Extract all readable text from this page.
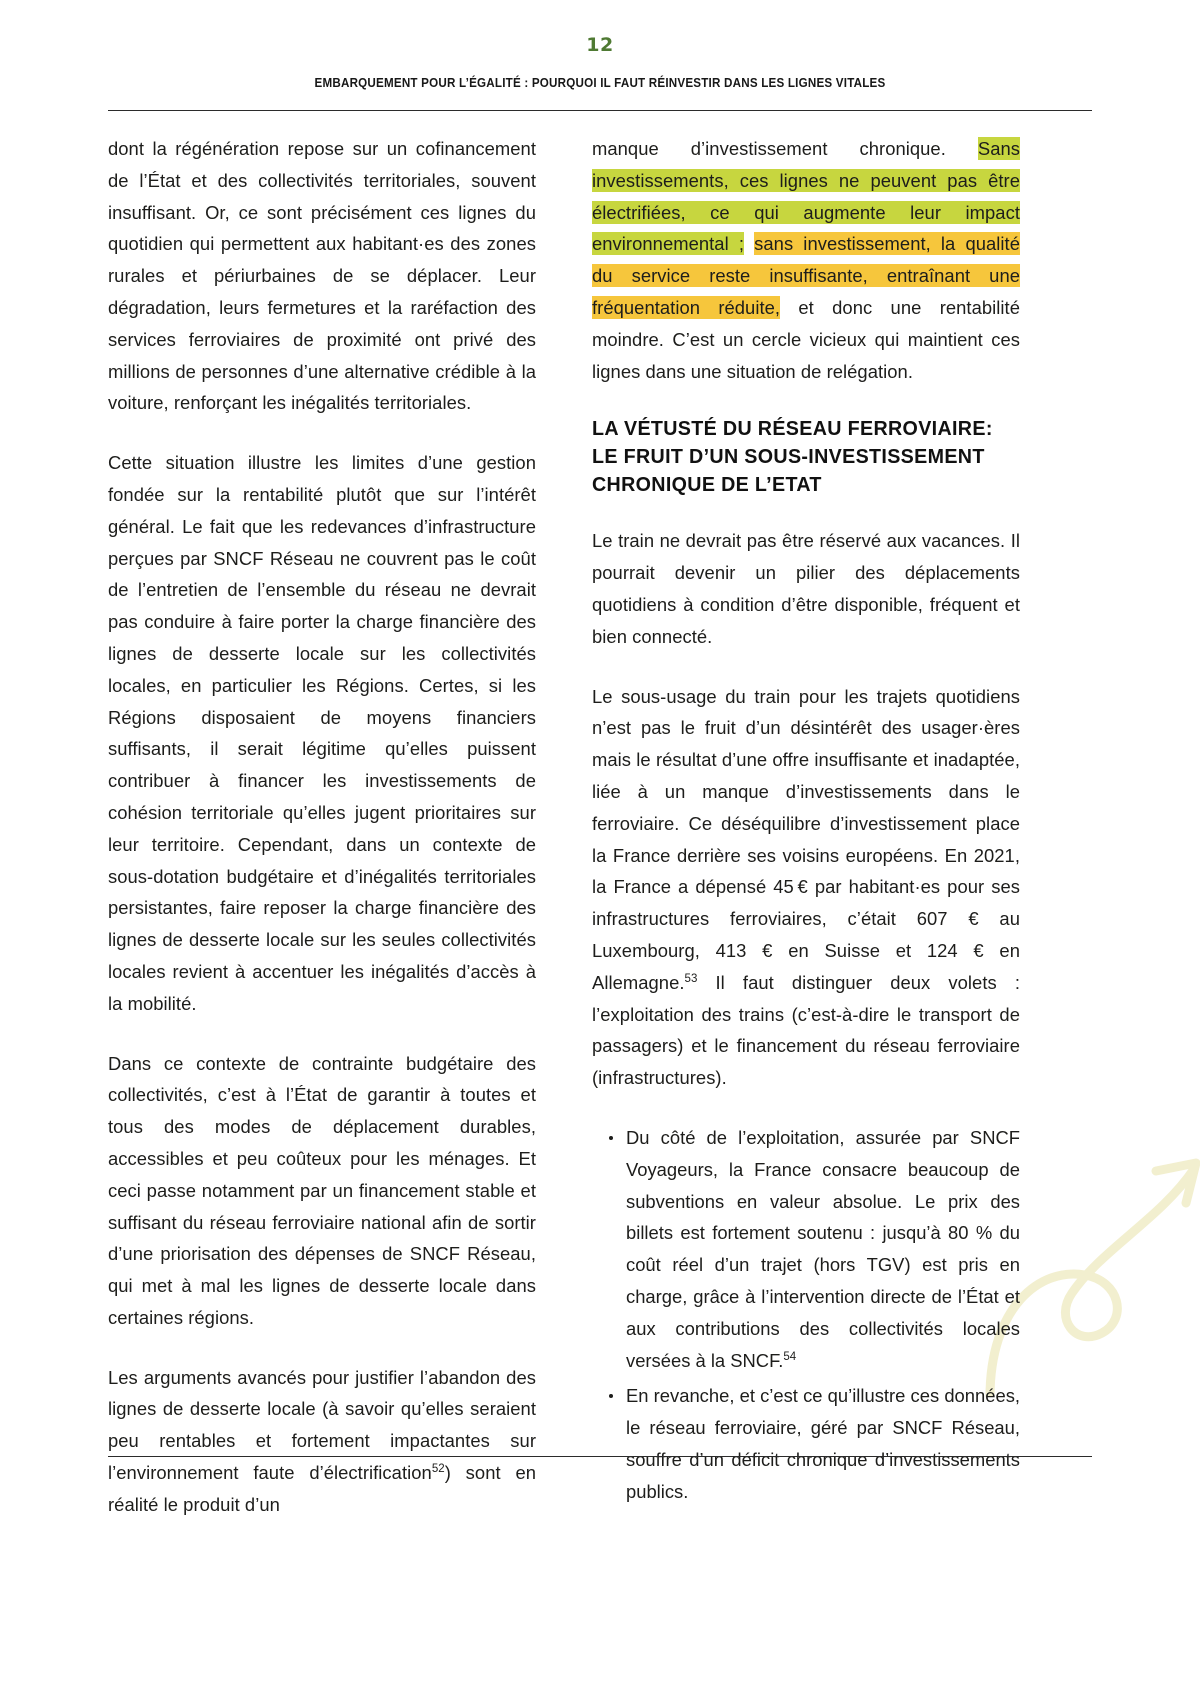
12
EMBARQUEMENT POUR L’ÉGALITÉ : POURQUOI IL FAUT RÉINVESTIR DANS LES LIGNES VITALES

dont la régénération repose sur un cofinancement de l’État et des collectivités territoriales, souvent insuffisant. Or, ce sont précisément ces lignes du quotidien qui permettent aux habitant·es des zones rurales et périurbaines de se déplacer. Leur dégradation, leurs fermetures et la raréfaction des services ferroviaires de proximité ont privé des millions de personnes d’une alternative crédible à la voiture, renforçant les inégalités territoriales.

Cette situation illustre les limites d’une gestion fondée sur la rentabilité plutôt que sur l’intérêt général. Le fait que les redevances d’infrastructure perçues par SNCF Réseau ne couvrent pas le coût de l’entretien de l’ensemble du réseau ne devrait pas conduire à faire porter la charge financière des lignes de desserte locale sur les collectivités locales, en particulier les Régions. Certes, si les Régions disposaient de moyens financiers suffisants, il serait légitime qu’elles puissent contribuer à financer les investissements de cohésion territoriale qu’elles jugent prioritaires sur leur territoire. Cependant, dans un contexte de sous-dotation budgétaire et d’inégalités territoriales persistantes, faire reposer la charge financière des lignes de desserte locale sur les seules collectivités locales revient à accentuer les inégalités d’accès à la mobilité.

Dans ce contexte de contrainte budgétaire des collectivités, c’est à l’État de garantir à toutes et tous des modes de déplacement durables, accessibles et peu coûteux pour les ménages. Et ceci passe notamment par un financement stable et suffisant du réseau ferroviaire national afin de sortir d’une priorisation des dépenses de SNCF Réseau, qui met à mal les lignes de desserte locale dans certaines régions.

Les arguments avancés pour justifier l’abandon des lignes de desserte locale (à savoir qu’elles seraient peu rentables et fortement impactantes sur l’environnement faute d’électrification$^{52}$) sont en réalité le produit d’un

manque d’investissement chronique. Sans investissements, ces lignes ne peuvent pas être électrifiées, ce qui augmente leur impact environnemental ; sans investissement, la qualité du service reste insuffisante, entraînant une fréquentation réduite, et donc une rentabilité moindre. C’est un cercle vicieux qui maintient ces lignes dans une situation de relégation.

LA VÉTUSTÉ DU RÉSEAU FERROVIAIRE: LE FRUIT D’UN SOUS-INVESTISSEMENT CHRONIQUE DE L’ETAT

Le train ne devrait pas être réservé aux vacances. Il pourrait devenir un pilier des déplacements quotidiens à condition d’être disponible, fréquent et bien connecté.

Le sous-usage du train pour les trajets quotidiens n’est pas le fruit d’un désintérêt des usager·ères mais le résultat d’une offre insuffisante et inadaptée, liée à un manque d’investissements dans le ferroviaire. Ce déséquilibre d’investissement place la France derrière ses voisins européens. En 2021, la France a dépensé 45 € par habitant·es pour ses infrastructures ferroviaires, c’était 607 € au Luxembourg, 413 € en Suisse et 124 € en Allemagne.$^{53}$ Il faut distinguer deux volets : l’exploitation des trains (c’est-à-dire le transport de passagers) et le financement du réseau ferroviaire (infrastructures).

Du côté de l’exploitation, assurée par SNCF Voyageurs, la France consacre beaucoup de subventions en valeur absolue. Le prix des billets est fortement soutenu : jusqu’à 80 % du coût réel d’un trajet (hors TGV) est pris en charge, grâce à l’intervention directe de l’État et aux contributions des collectivités locales versées à la SNCF.$^{54}$
En revanche, et c’est ce qu’illustre ces données, le réseau ferroviaire, géré par SNCF Réseau, souffre d’un déficit chronique d’investissements publics.
